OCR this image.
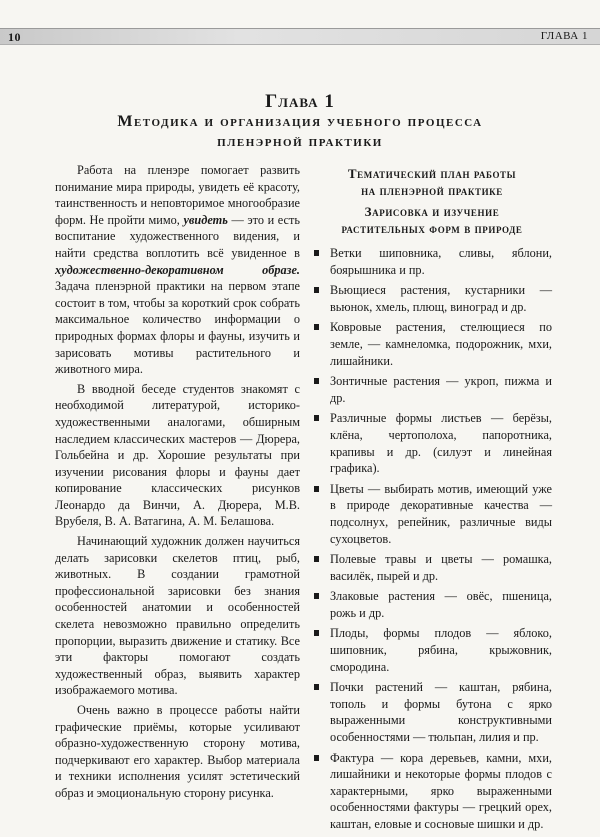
10	ГЛАВА 1
Глава 1
Методика и организация учебного процесса
пленэрной практики

Работа на пленэре помогает развить понимание мира природы, увидеть её красоту, таинственность и неповторимое многообразие форм. Не пройти мимо, увидеть — это и есть воспитание художественного видения, и найти средства воплотить всё увиденное в художественно-декоративном образе. Задача пленэрной практики на первом этапе состоит в том, чтобы за короткий срок собрать максимальное количество информации о природных формах флоры и фауны, изучить и зарисовать мотивы растительного и животного мира.

В вводной беседе студентов знакомят с необходимой литературой, историко-художественными аналогами, обширным наследием классических мастеров — Дюрера, Гольбейна и др. Хорошие результаты при изучении рисования флоры и фауны дает копирование классических рисунков Леонардо да Винчи, А. Дюрера, М.В. Врубеля, В. А. Ватагина, А. М. Белашова.

Начинающий художник должен научиться делать зарисовки скелетов птиц, рыб, животных. В создании грамотной профессиональной зарисовки без знания особенностей анатомии и особенностей скелета невозможно правильно определить пропорции, выразить движение и статику. Все эти факторы помогают создать художественный образ, выявить характер изображаемого мотива.

Очень важно в процессе работы найти графические приёмы, которые усиливают образно-художественную сторону мотива, подчеркивают его характер. Выбор материала и техники исполнения усилят эстетический образ и эмоциональную сторону рисунка.

Тематический план работы
на пленэрной практике
Зарисовка и изучение
растительных форм в природе
Ветки шиповника, сливы, яблони, боярышника и пр.
Вьющиеся растения, кустарники — вьюнок, хмель, плющ, виноград и др.
Ковровые растения, стелющиеся по земле, — камнеломка, подорожник, мхи, лишайники.
Зонтичные растения — укроп, пижма и др.
Различные формы листьев — берёзы, клёна, чертополоха, папоротника, крапивы и др. (силуэт и линейная графика).
Цветы — выбирать мотив, имеющий уже в природе декоративные качества — подсолнух, репейник, различные виды сухоцветов.
Полевые травы и цветы — ромашка, василёк, пырей и др.
Злаковые растения — овёс, пшеница, рожь и др.
Плоды, формы плодов — яблоко, шиповник, рябина, крыжовник, смородина.
Почки растений — каштан, рябина, тополь и формы бутона с ярко выраженными конструктивными особенностями — тюльпан, лилия и пр.
Фактура — кора деревьев, камни, мхи, лишайники и некоторые формы плодов с характерными, ярко выраженными особенностями фактуры — грецкий орех, каштан, еловые и сосновые шишки и др.
